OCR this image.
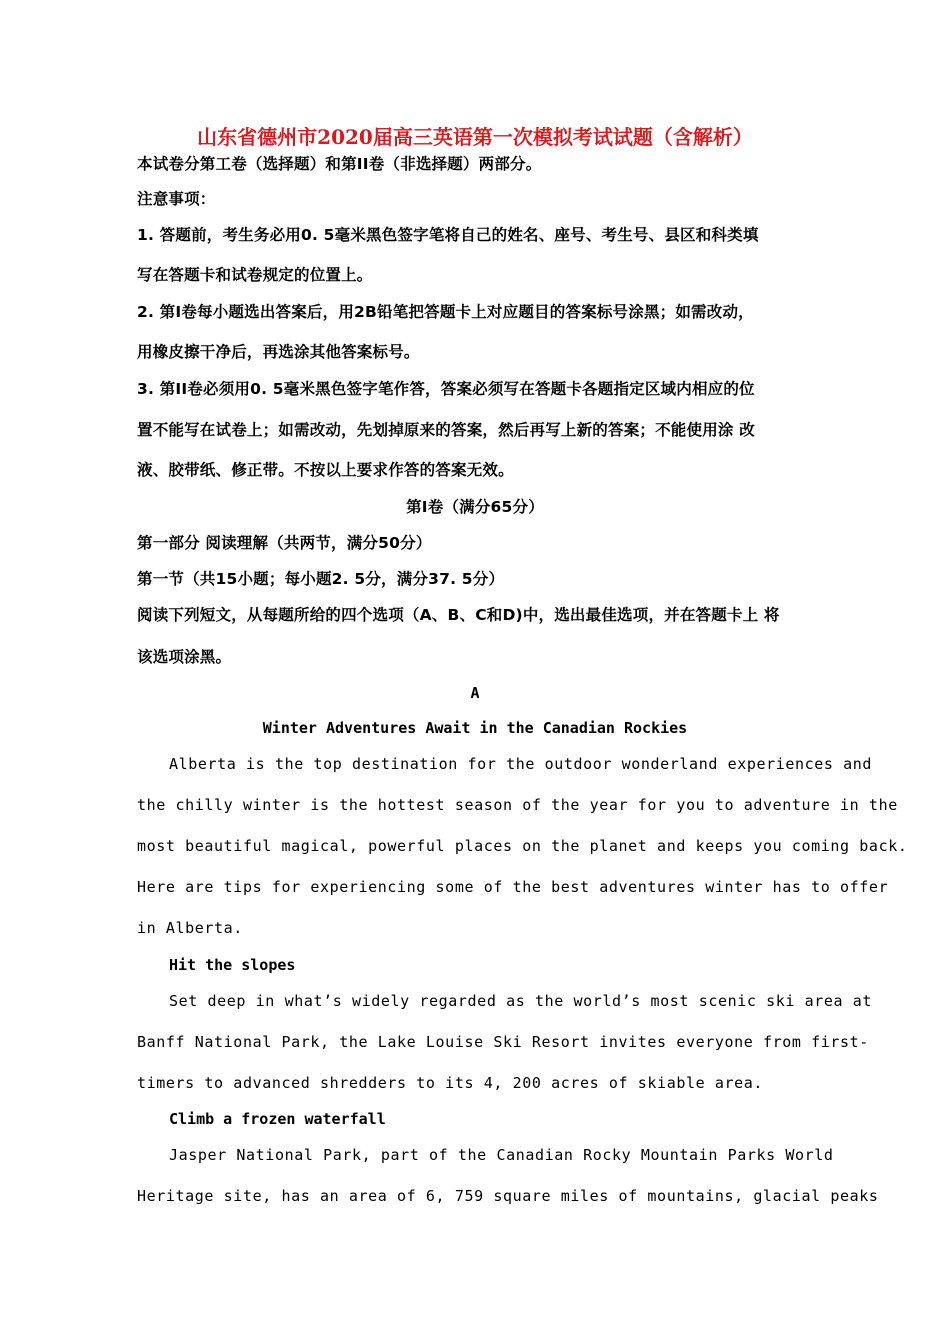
山东省德州市2020届高三英语第一次模拟考试试题（含解析）
本试卷分第工卷（选择题）和第II卷（非选择题）两部分。
注意事项：
1. 答题前，考生务必用0. 5毫米黑色签字笔将自己的姓名、座号、考生号、县区和科类填
写在答题卡和试卷规定的位置上。
2. 第I卷每小题选出答案后，用2B铅笔把答题卡上对应题目的答案标号涂黑；如需改动，
用橡皮擦干净后，再选涂其他答案标号。
3. 第II卷必须用0. 5毫米黑色签字笔作答，答案必须写在答题卡各题指定区域内相应的位
置不能写在试卷上；如需改动，先划掉原来的答案，然后再写上新的答案；不能使用涂 改
液、胶带纸、修正带。不按以上要求作答的答案无效。
第I卷（满分65分）
第一部分 阅读理解（共两节，满分50分）
第一节（共15小题；每小题2. 5分，满分37. 5分）
阅读下列短文，从每题所给的四个选项（A、B、C和D)中，选出最佳选项，并在答题卡上 将
该选项涂黑。
A
Winter Adventures Await in the Canadian Rockies
Alberta is the top destination for the outdoor wonderland experiences and
the chilly winter is the hottest season of the year for you to adventure in the
most beautiful magical, powerful places on the planet and keeps you coming back.
Here are tips for experiencing some of the best adventures winter has to offer
in Alberta.
Hit the slopes
Set deep in what’s widely regarded as the world’s most scenic ski area at
Banff National Park, the Lake Louise Ski Resort invites everyone from first-
timers to advanced shredders to its 4, 200 acres of skiable area.
Climb a frozen waterfall
Jasper National Park, part of the Canadian Rocky Mountain Parks World
Heritage site, has an area of 6, 759 square miles of mountains, glacial peaks
